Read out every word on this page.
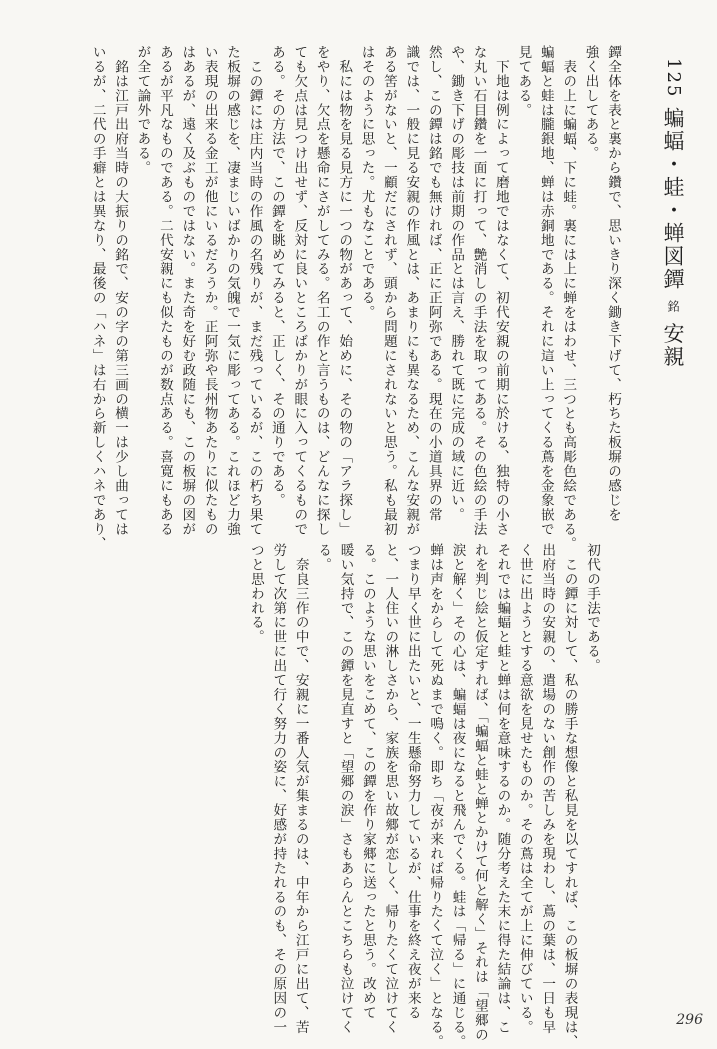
125 蝙蝠・蛙・蝉図鐔 銘 安親
鐔全体を表と裏から鑽で、思いきり深く鋤き下げて、朽ちた板塀の感じを
強く出してある。
　表の上に蝙蝠、下に蛙。裏には上に蝉をはわせ、三つとも高彫色絵である。
蝙蝠と蛙は朧銀地、蝉は赤銅地である。それに這い上ってくる蔦を金象嵌で
見てある。
　下地は例によって磨地ではなくて、初代安親の前期に於ける、独特の小さ
な丸い石目鑽を一面に打って、艶消しの手法を取ってある。その色絵の手法
や、鋤き下げの彫技は前期の作品とは言え、勝れて既に完成の域に近い。
然し、この鐔は銘でも無ければ、正に正阿弥である。現在の小道具界の常
識では、一般に見る安親の作風とは、あまりにも異なるため、こんな安親が
ある筈がないと、一顧だにされず、頭から問題にされないと思う。私も最初
はそのように思った。尤もなことである。
　私には物を見る見方に一つの物があって、始めに、その物の「アラ探し」
をやり、欠点を懸命にさがしてみる。名工の作と言うものは、どんなに探し
ても欠点は見つけ出せず、反対に良いところばかりが眼に入ってくるもので
ある。その方法で、この鐔を眺めてみると、正しく、その通りである。
　この鐔には庄内当時の作風の名残りが、まだ残っているが、この朽ち果て
た板塀の感じを、凄まじいばかりの気魄で一気に彫ってある。これほど力強
い表現の出来る金工が他にいるだろうか。正阿弥や長州物あたりに似たもの
はあるが、遠く及ぶものではない。また奇を好む政随にも、この板塀の図が
あるが平凡なものである。二代安親にも似たものが数点ある。喜寛にもある
が全て論外である。
　銘は江戸出府当時の大振りの銘で、安の字の第三画の横一は少し曲っては
いるが、二代の手癖とは異なり、最後の「ハネ」は右から新しくハネであり、
初代の手法である。
　この鐔に対して、私の勝手な想像と私見を以てすれば、この板塀の表現は、
出府当時の安親の、遣場のない創作の苦しみを現わし、蔦の葉は、一日も早
く世に出ようとする意欲を見せたものか。その蔦は全てが上に伸びている。
それでは蝙蝠と蛙と蝉は何を意味するのか。随分考えた末に得た結論は、こ
れを判じ絵と仮定すれば、「蝙蝠と蛙と蝉とかけて何と解く」それは「望郷の
涙と解く」その心は、蝙蝠は夜になると飛んでくる。蛙は「帰る」に通じる。
蝉は声をからして死ぬまで鳴く。即ち「夜が来れば帰りたくて泣く」となる。
つまり早く世に出たいと、一生懸命努力しているが、仕事を終え夜が来る
と、一人住いの淋しさから、家族を思い故郷が恋しく、帰りたくて泣けてく
る。このような思いをこめて、この鐔を作り家郷に送ったと思う。改めて
暖い気持で、この鐔を見直すと「望郷の涙」さもあらんとこちらも泣けてく
る。
　奈良三作の中で、安親に一番人気が集まるのは、中年から江戸に出て、苦
労して次第に世に出て行く努力の姿に、好感が持たれるのも、その原因の一
つと思われる。
296
